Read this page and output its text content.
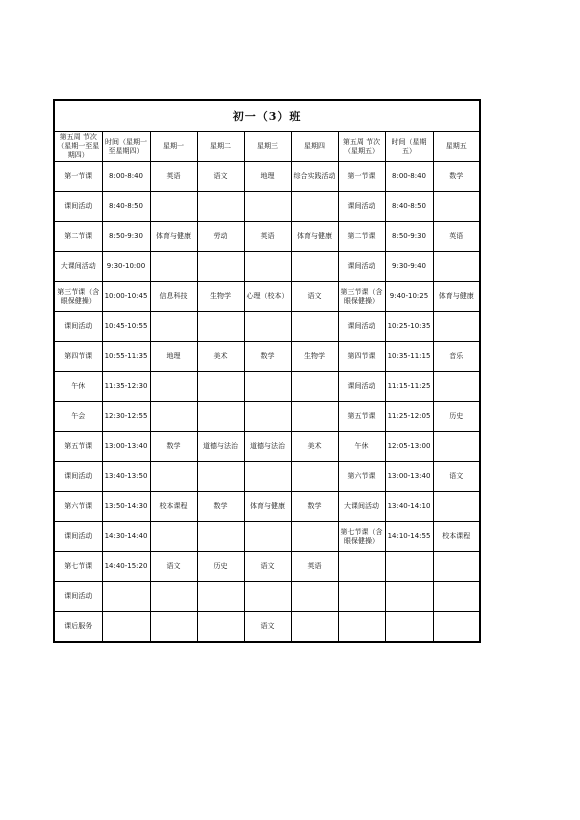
初一（3）班								
第五周 节次（星期一至星期四）	时间（星期一至星期四）	星期一	星期二	星期三	星期四	第五周 节次（星期五）	时间（星期五）	星期五
第一节课	8:00-8:40	英语	语文	地理	综合实践活动	第一节课	8:00-8:40	数学
课间活动	8:40-8:50					课间活动	8:40-8:50	
第二节课	8:50-9:30	体育与健康	劳动	英语	体育与健康	第二节课	8:50-9:30	英语
大课间活动	9:30-10:00					课间活动	9:30-9:40	
第三节课（含眼保健操）	10:00-10:45	信息科技	生物学	心理（校本）	语文	第三节课（含眼保健操）	9:40-10:25	体育与健康
课间活动	10:45-10:55					课间活动	10:25-10:35	
第四节课	10:55-11:35	地理	美术	数学	生物学	第四节课	10:35-11:15	音乐
午休	11:35-12:30					课间活动	11:15-11:25	
午会	12:30-12:55					第五节课	11:25-12:05	历史
第五节课	13:00-13:40	数学	道德与法治	道德与法治	美术	午休	12:05-13:00	
课间活动	13:40-13:50					第六节课	13:00-13:40	语文
第六节课	13:50-14:30	校本课程	数学	体育与健康	数学	大课间活动	13:40-14:10	
课间活动	14:30-14:40					第七节课（含眼保健操）	14:10-14:55	校本课程
第七节课	14:40-15:20	语文	历史	语文	英语			
课间活动								
课后服务				语文				
